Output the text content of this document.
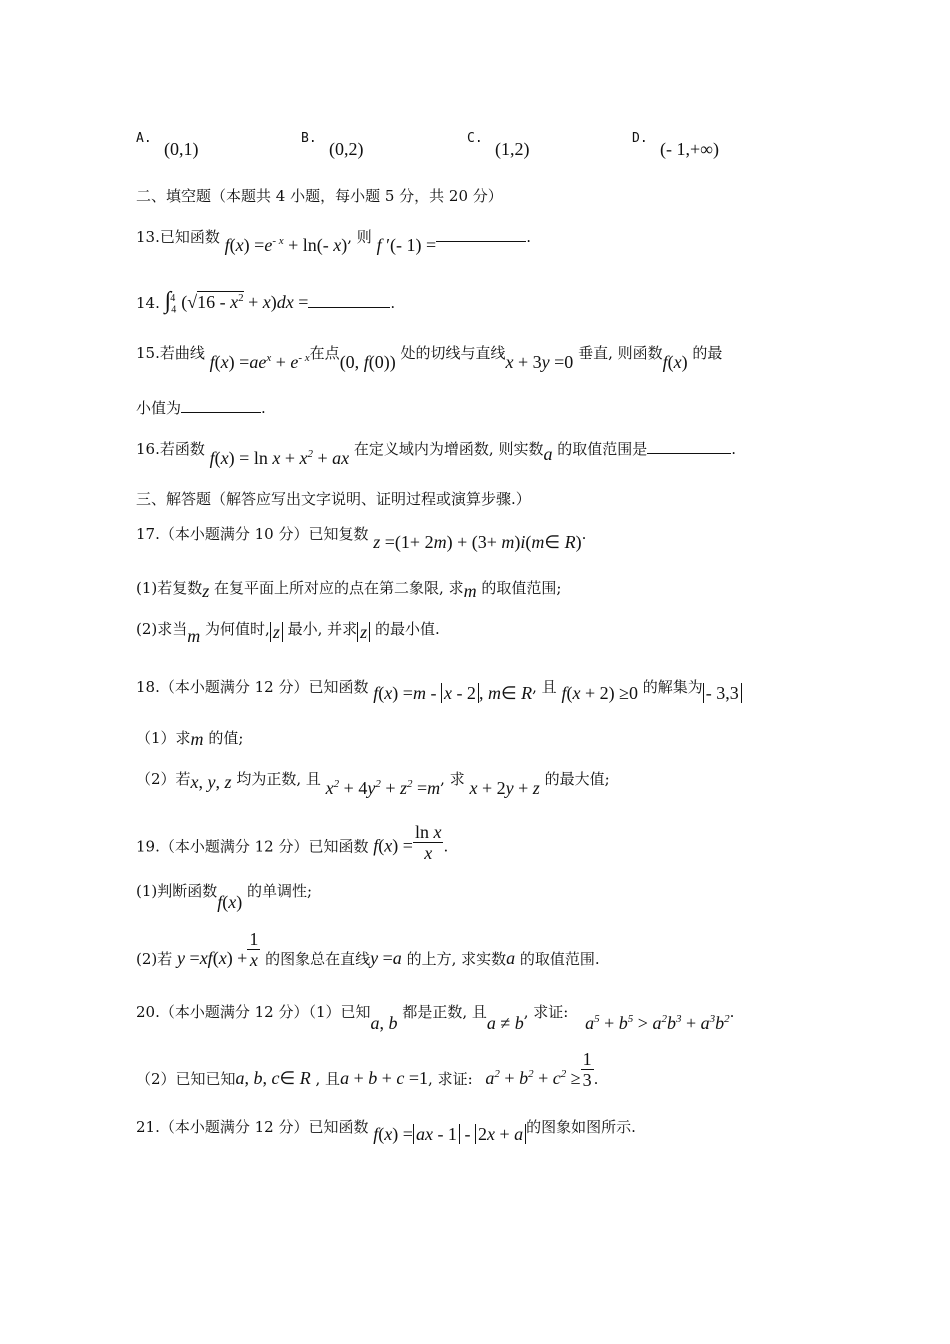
A.
(0,1)
B.
(0,2)
C.
(1,2)
D.
(- 1,+∞)
二、填空题（本题共 4 小题，每小题 5 分，共 20 分）
13.已知函数 $f(x) =e^{- x} + \ln(-$ x), 则 f ′(- 1) =	.
14. $\int_4^4$ $(√16 - x^2 + x)dx$ =	.
15.若曲线 $f(x) =ae^x + e^{- x}$在点(0, f(0)) 处的切线与直线x + 3y =0 垂直, 则函数f(x) 的最
小值为	.
16.若函数 $f(x) = \ln x + x^2$ + ax 在定义域内为增函数, 则实数a 的取值范围是	.
三、解答题（解答应写出文字说明、证明过程或演算步骤.）
17.（本小题满分 10 分）已知复数 z =(1+ 2m) + (3+ m)i(m∈ R).
(1)若复数z 在复平面上所对应的点在第二象限, 求m 的取值范围;
(2)求当m 为何值时, z 最小, 并求 z 的最小值.
18.（本小题满分 12 分）已知函数 f(x) =m - x - 2 , m∈ R, 且 f(x + 2) ≥0 的解集为 - 3,3
（1）求m 的值;
（2）若x, y, z 均为正数, 且 $x^2 + 4y^2 + z^2 =m$, 求 x + 2y + z 的最大值;
19.（本小题满分 12 分）已知函数 $f(x) = \frac{\text{ln x}}{x}$ .
(1)判断函数f(x) 的单调性;
(2)若 $y =xf(x) + \frac{1}{x}$ 的图象总在直线y =a 的上方, 求实数a 的取值范围.
20.（本小题满分 12 分）（1）已知a, b 都是正数, 且a ≠ b, 求证: $a^5 + b^5 > a^2b^3 + a^3b^2$.
（2）已知已知a, b, c∈ R , 且a + b + c =1, 求证: $a^2 + b^2 + c^2 \ge \frac{1}{3}$ .
21.（本小题满分 12 分）已知函数 f(x) = ax - 1 - 2x + a 的图象如图所示.
